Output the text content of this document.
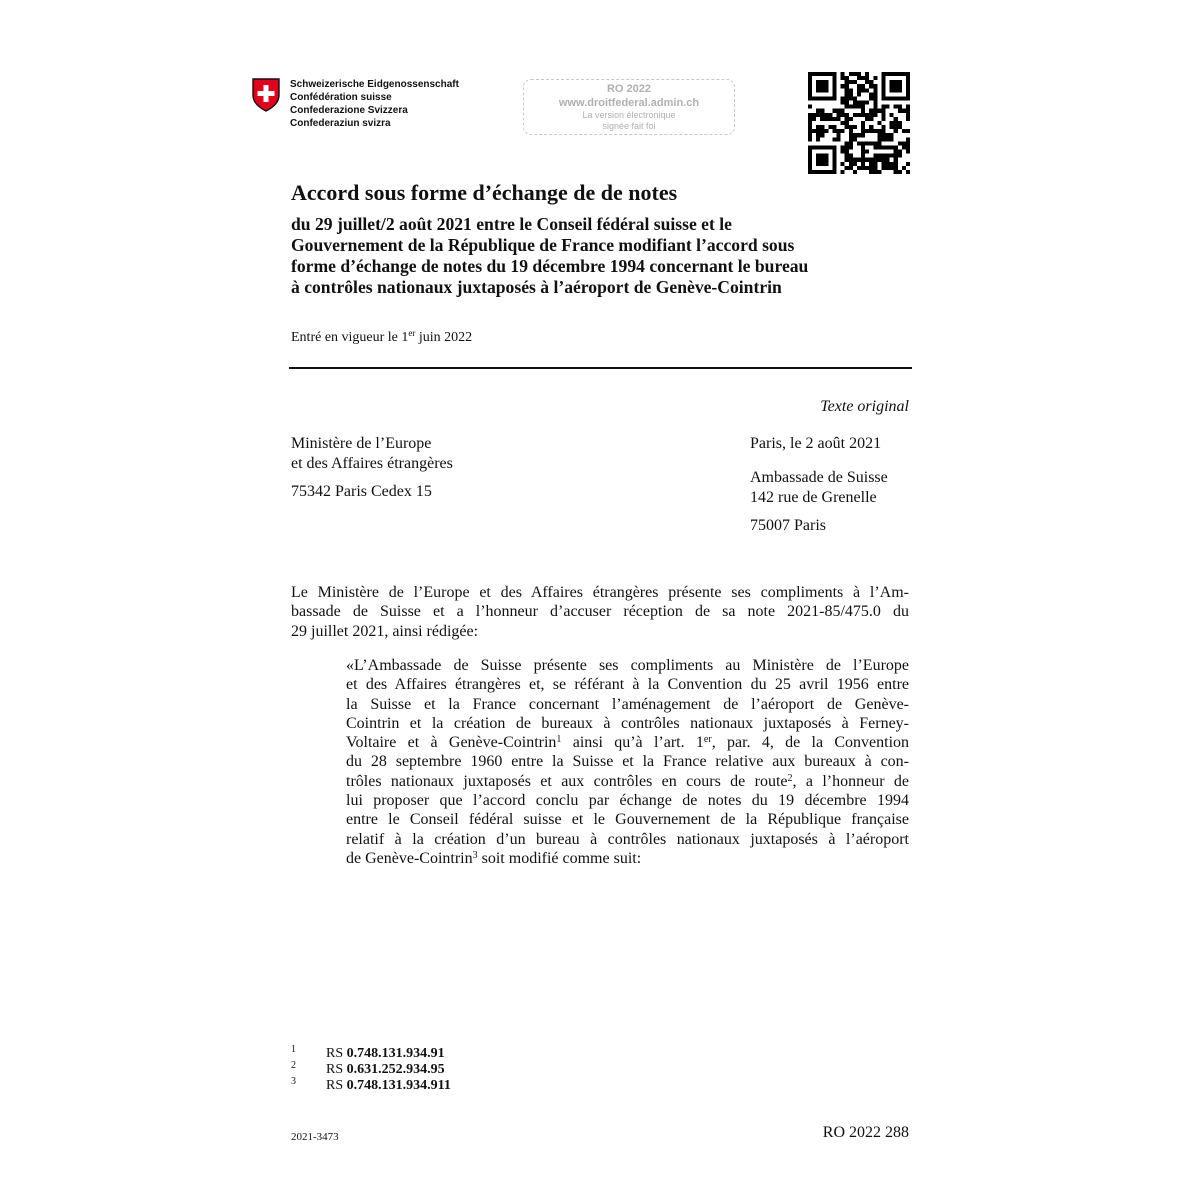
Schweizerische Eidgenossenschaft
Confédération suisse
Confederazione Svizzera
Confederaziun svizra
RO 2022
www.droitfederal.admin.ch
La version électronique
signée fait foi
Accord sous forme d’échange de de notes
du 29 juillet/2 août 2021 entre le Conseil fédéral suisse et le
Gouvernement de la République de France modifiant l’accord sous
forme d’échange de notes du 19 décembre 1994 concernant le bureau
à contrôles nationaux juxtaposés à l’aéroport de Genève-Cointrin
Entré en vigueur le 1er juin 2022
Texte original
Ministère de l’Europe
et des Affaires étrangères
75342 Paris Cedex 15
Paris, le 2 août 2021
Ambassade de Suisse
142 rue de Grenelle
75007 Paris
Le Ministère de l’Europe et des Affaires étrangères présente ses compliments à l’Am-
bassade de Suisse et a l’honneur d’accuser réception de sa note 2021-85/475.0 du
29 juillet 2021, ainsi rédigée:
«L’Ambassade de Suisse présente ses compliments au Ministère de l’Europe
et des Affaires étrangères et, se référant à la Convention du 25 avril 1956 entre
la Suisse et la France concernant l’aménagement de l’aéroport de Genève-
Cointrin et la création de bureaux à contrôles nationaux juxtaposés à Ferney-
Voltaire et à Genève-Cointrin$^1$ ainsi qu’à l’art. 1er, par. 4, de la Convention
du 28 septembre 1960 entre la Suisse et la France relative aux bureaux à con-
trôles nationaux juxtaposés et aux contrôles en cours de route$^2$, a l’honneur de
lui proposer que l’accord conclu par échange de notes du 19 décembre 1994
entre le Conseil fédéral suisse et le Gouvernement de la République française
relatif à la création d’un bureau à contrôles nationaux juxtaposés à l’aéroport
de Genève-Cointrin$^3$ soit modifié comme suit:
1 RS 0.748.131.934.91
2 RS 0.631.252.934.95
3 RS 0.748.131.934.911
2021-3473	RO 2022 288
